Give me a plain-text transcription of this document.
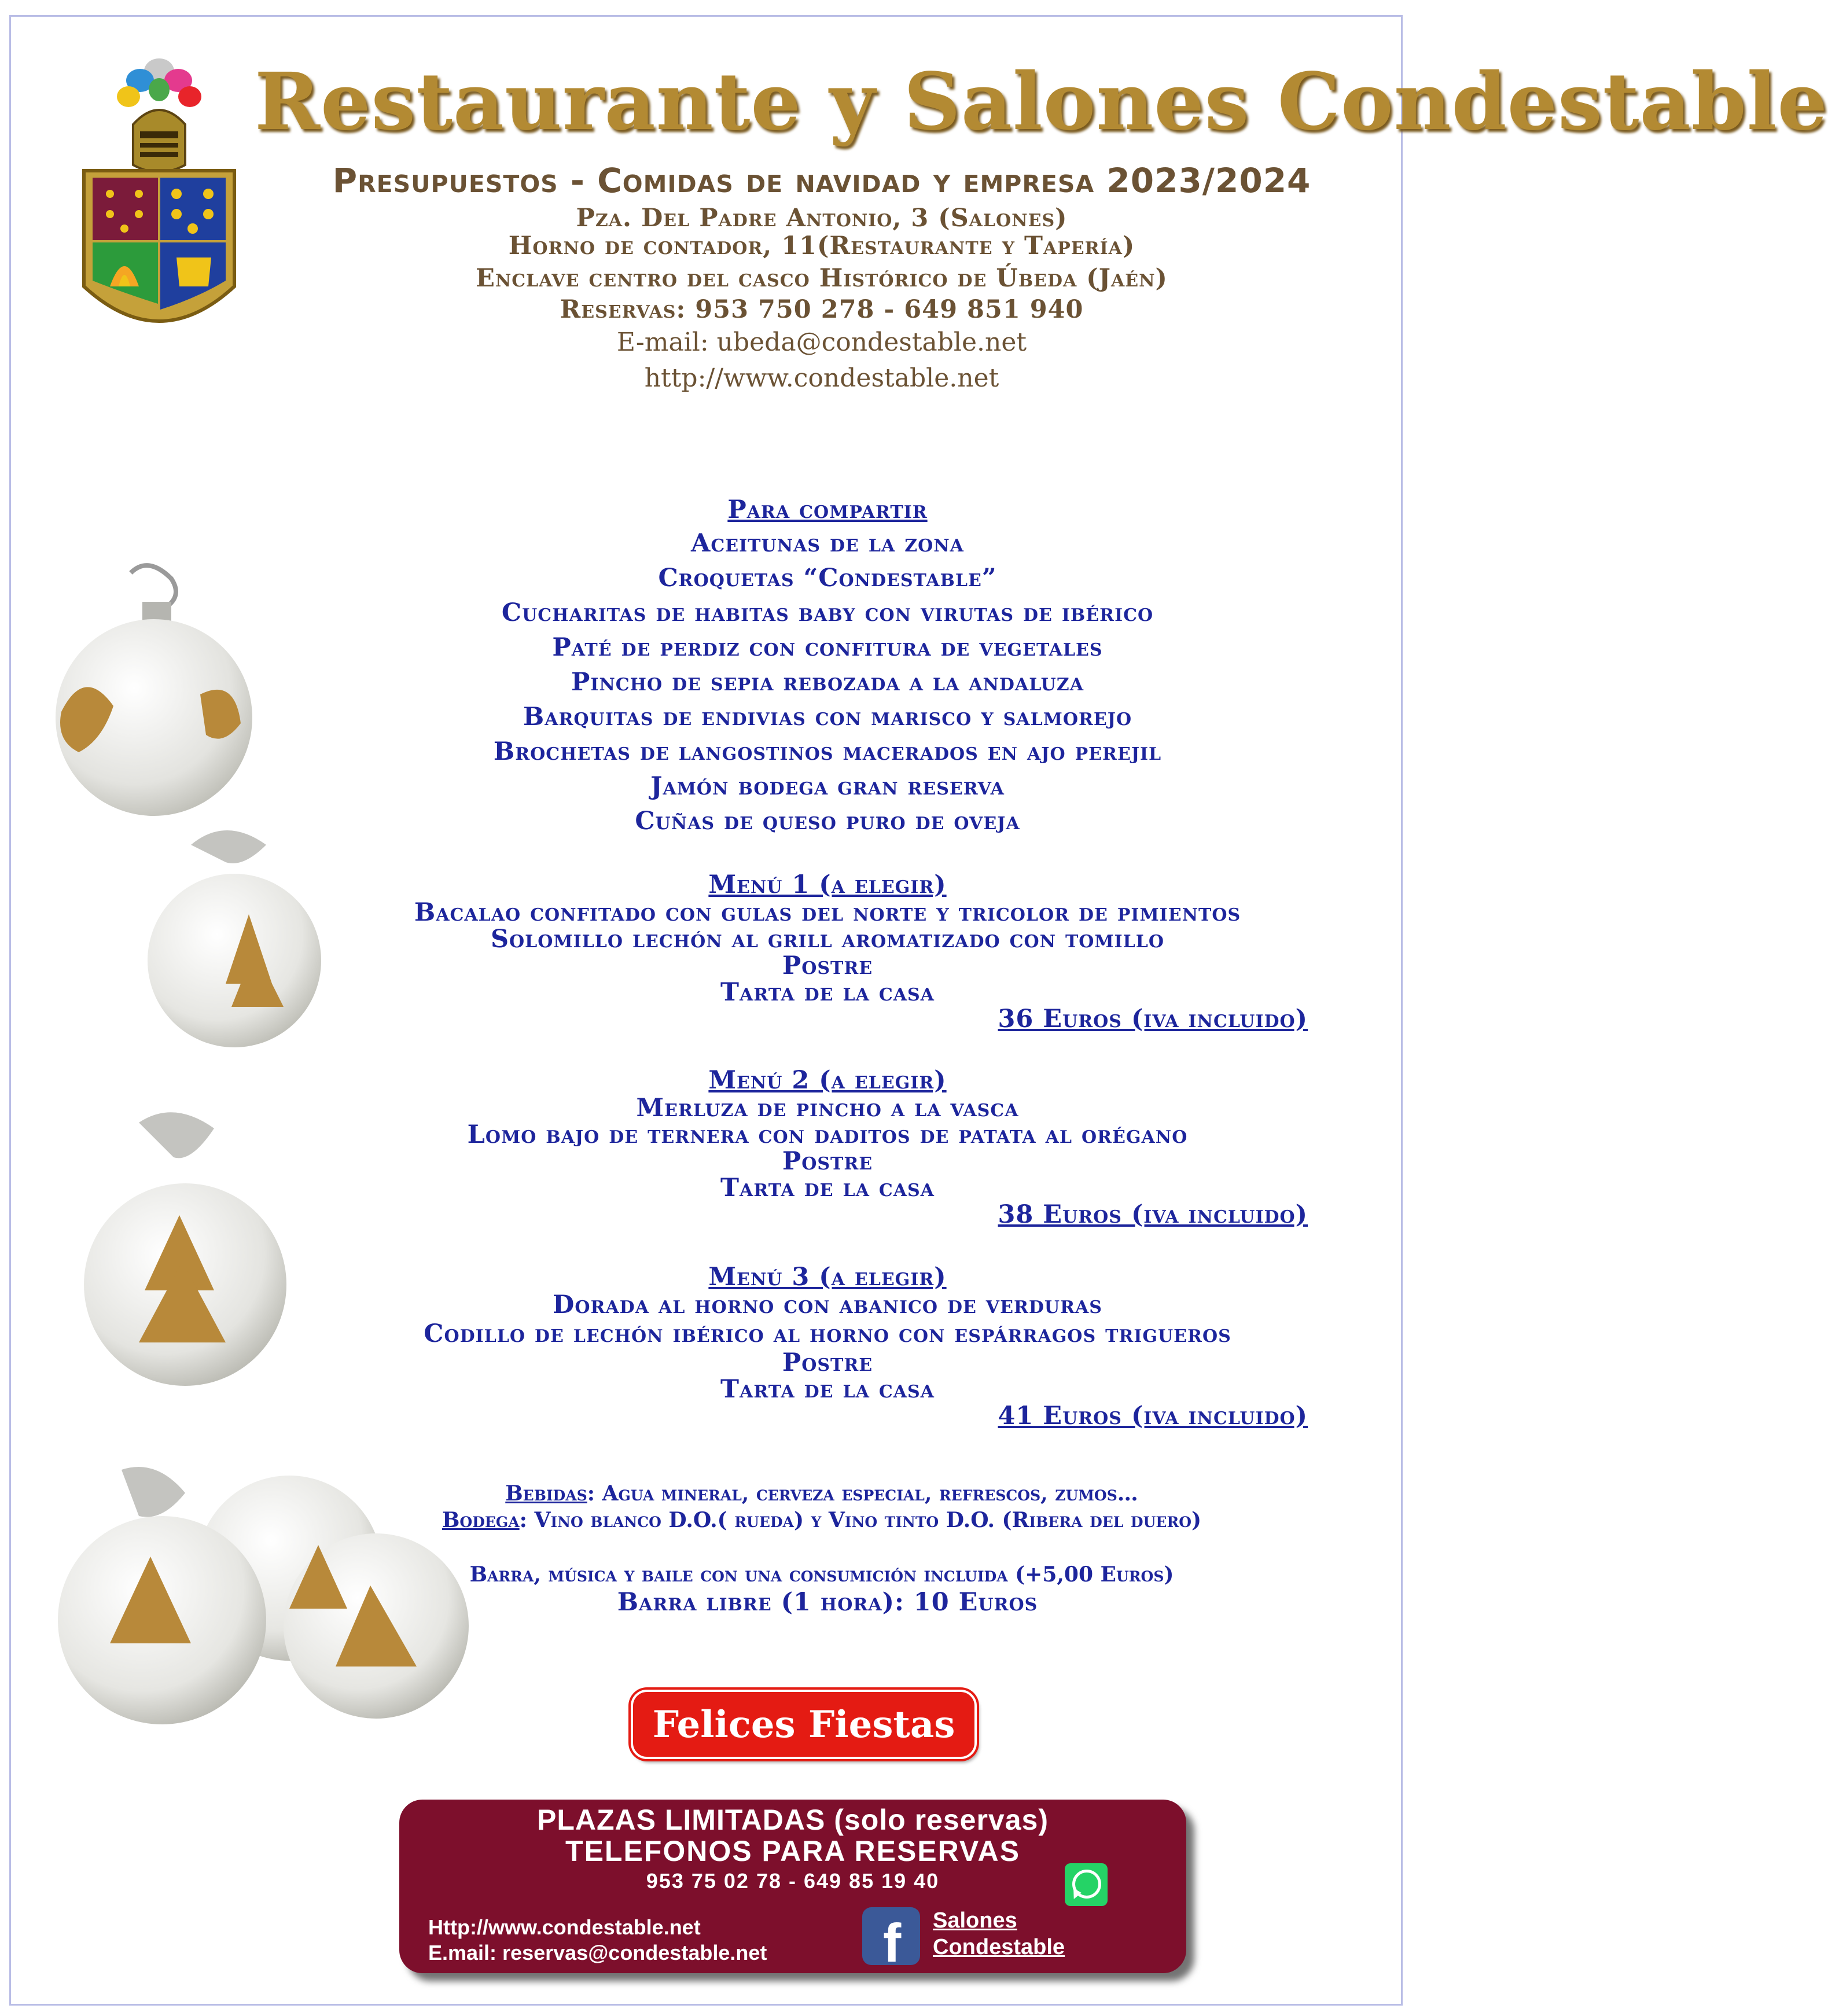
Restaurante y Salones Condestable
Presupuestos - Comidas de navidad y empresa 2023/2024
Pza. Del Padre Antonio, 3 (Salones)
Horno de contador, 11(Restaurante y Tapería)
Enclave centro del casco Histórico de Úbeda (Jaén)
Reservas: 953 750 278 - 649 851 940
E-mail: ubeda@condestable.net
http://www.condestable.net
Para compartir
Aceitunas de la zona
Croquetas “Condestable”
Cucharitas de habitas baby con virutas de ibérico
Paté de perdiz con confitura de vegetales
Pincho de sepia rebozada a la andaluza
Barquitas de endivias con marisco y salmorejo
Brochetas de langostinos macerados en ajo perejil
Jamón bodega gran reserva
Cuñas de queso puro de oveja
Menú 1 (a elegir)
Bacalao confitado con gulas del norte y tricolor de pimientos
Solomillo lechón al grill aromatizado con tomillo
Postre
Tarta de la casa
36 Euros (iva incluido)
Menú 2 (a elegir)
Merluza de pincho a la vasca
Lomo bajo de ternera con daditos de patata al orégano
Postre
Tarta de la casa
38 Euros (iva incluido)
Menú 3 (a elegir)
Dorada al horno con abanico de verduras
Codillo de lechón ibérico al horno con espárragos trigueros
Postre
Tarta de la casa
41 Euros (iva incluido)
Bebidas: Agua mineral, cerveza especial, refrescos, zumos…
Bodega: Vino blanco D.O.( rueda) y Vino tinto D.O. (Ribera del duero)
Barra, música y baile con una consumición incluida (+5,00 Euros)
Barra libre (1 hora): 10 Euros
Felices Fiestas
PLAZAS LIMITADAS (solo reservas)
TELEFONOS PARA RESERVAS
953 75 02 78 - 649 85 19 40
Http://www.condestable.net
E.mail: reservas@condestable.net f Salones
Condestable
